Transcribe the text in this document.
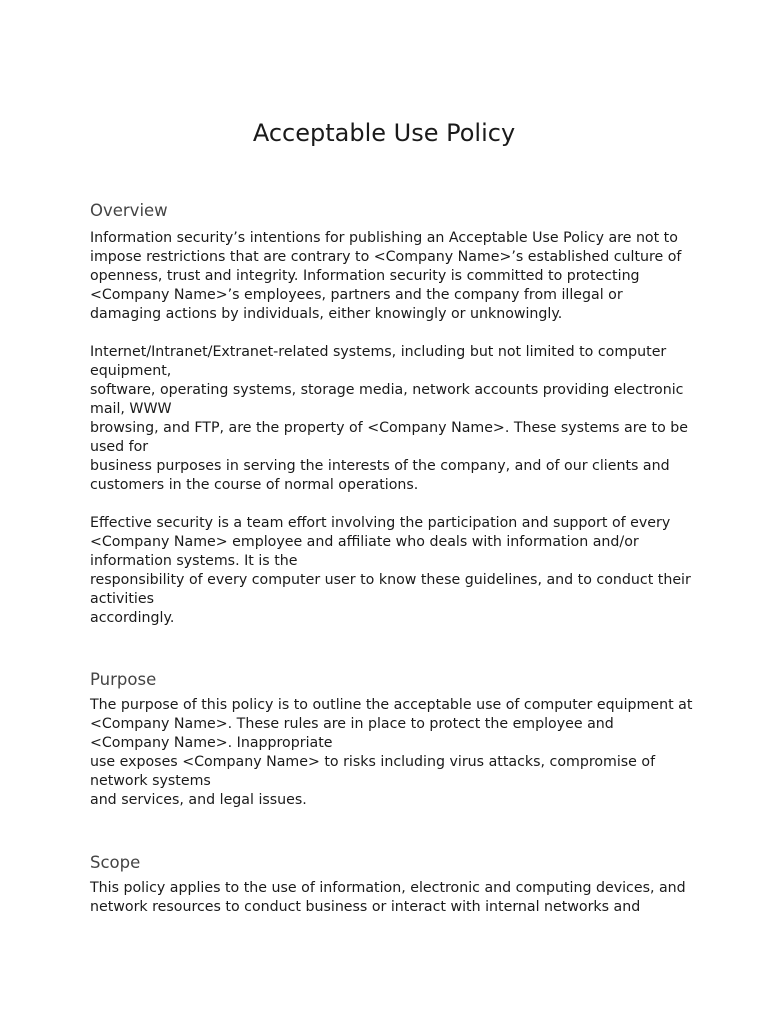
Acceptable Use Policy
Overview

Information security’s intentions for publishing an Acceptable Use Policy are not to
impose restrictions that are contrary to <Company Name>’s established culture of
openness, trust and integrity. Information security is committed to protecting
<Company Name>’s employees, partners and the company from illegal or
damaging actions by individuals, either knowingly or unknowingly.

Internet/Intranet/Extranet-related systems, including but not limited to computer
equipment,
software, operating systems, storage media, network accounts providing electronic
mail, WWW
browsing, and FTP, are the property of <Company Name>. These systems are to be
used for
business purposes in serving the interests of the company, and of our clients and
customers in the course of normal operations.

Effective security is a team effort involving the participation and support of every
<Company Name> employee and affiliate who deals with information and/or
information systems. It is the
responsibility of every computer user to know these guidelines, and to conduct their
activities
accordingly.

Purpose

The purpose of this policy is to outline the acceptable use of computer equipment at
<Company Name>. These rules are in place to protect the employee and
<Company Name>. Inappropriate
use exposes <Company Name> to risks including virus attacks, compromise of
network systems
and services, and legal issues.

Scope

This policy applies to the use of information, electronic and computing devices, and
network resources to conduct business or interact with internal networks and
